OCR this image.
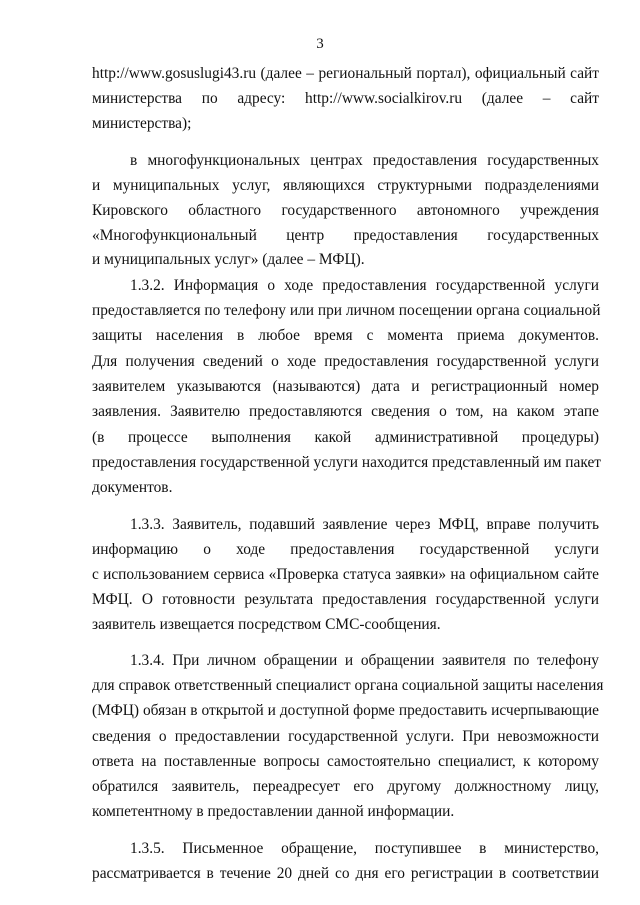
3
http://www.gosuslugi43.ru (далее – региональный портал), официальный сайт
министерства по адресу: http://www.socialkirov.ru (далее – сайт
министерства);
в многофункциональных центрах предоставления государственных
и муниципальных услуг, являющихся структурными подразделениями
Кировского областного государственного автономного учреждения
«Многофункциональный центр предоставления государственных
и муниципальных услуг» (далее – МФЦ).
1.3.2. Информация о ходе предоставления государственной услуги
предоставляется по телефону или при личном посещении органа социальной
защиты населения в любое время с момента приема документов.
Для получения сведений о ходе предоставления государственной услуги
заявителем указываются (называются) дата и регистрационный номер
заявления. Заявителю предоставляются сведения о том, на каком этапе
(в процессе выполнения какой административной процедуры)
предоставления государственной услуги находится представленный им пакет
документов.
1.3.3. Заявитель, подавший заявление через МФЦ, вправе получить
информацию о ходе предоставления государственной услуги
с использованием сервиса «Проверка статуса заявки» на официальном сайте
МФЦ. О готовности результата предоставления государственной услуги
заявитель извещается посредством СМС-сообщения.
1.3.4. При личном обращении и обращении заявителя по телефону
для справок ответственный специалист органа социальной защиты населения
(МФЦ) обязан в открытой и доступной форме предоставить исчерпывающие
сведения о предоставлении государственной услуги. При невозможности
ответа на поставленные вопросы самостоятельно специалист, к которому
обратился заявитель, переадресует его другому должностному лицу,
компетентному в предоставлении данной информации.
1.3.5. Письменное обращение, поступившее в министерство,
рассматривается в течение 20 дней со дня его регистрации в соответствии
